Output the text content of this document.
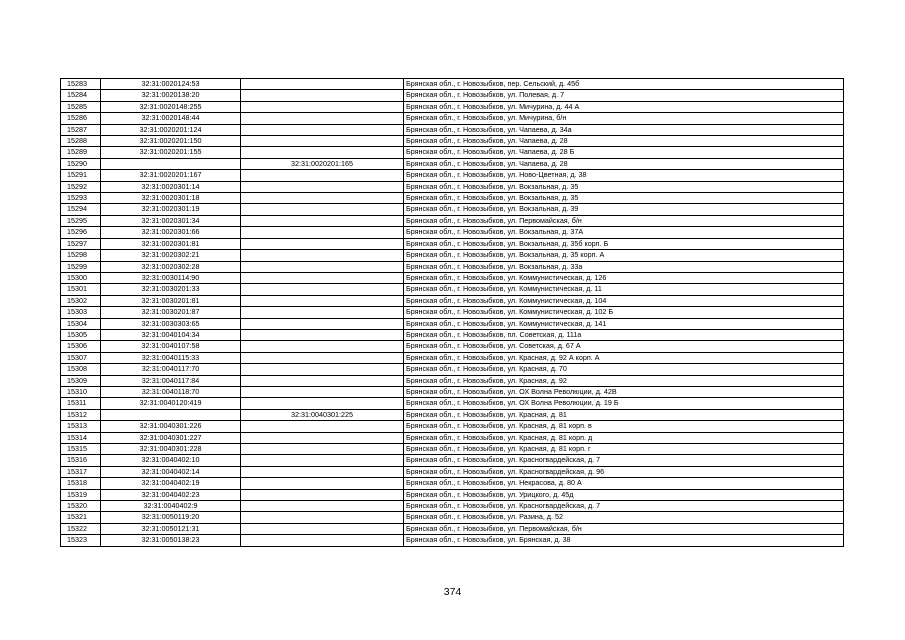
15283	32:31:0020124:53		Брянская обл., г. Новозыбков, пер. Сельский, д. 45б
15284	32:31:0020138:20		Брянская обл., г. Новозыбков, ул. Полевая, д. 7
15285	32:31:0020148:255		Брянская обл., г. Новозыбков, ул. Мичурина, д. 44 А
15286	32:31:0020148:44		Брянская обл., г. Новозыбков, ул. Мичурина, б/н
15287	32:31:0020201:124		Брянская обл., г. Новозыбков, ул. Чапаева, д. 34а
15288	32:31:0020201:150		Брянская обл., г. Новозыбков, ул. Чапаева, д. 28
15289	32:31:0020201:155		Брянская обл., г. Новозыбков, ул. Чапаева, д. 28 Б
15290		32:31:0020201:165	Брянская обл., г. Новозыбков, ул. Чапаева, д. 28
15291	32:31:0020201:167		Брянская обл., г. Новозыбков, ул. Ново-Цветная, д. 38
15292	32:31:0020301:14		Брянская обл., г. Новозыбков, ул. Вокзальная, д. 35
15293	32:31:0020301:18		Брянская обл., г. Новозыбков, ул. Вокзальная, д. 35
15294	32:31:0020301:19		Брянская обл., г. Новозыбков, ул. Вокзальная, д. 39
15295	32:31:0020301:34		Брянская обл., г. Новозыбков, ул. Первомайская, б/н
15296	32:31:0020301:66		Брянская обл., г. Новозыбков, ул. Вокзальная, д. 37А
15297	32:31:0020301:81		Брянская обл., г. Новозыбков, ул. Вокзальная, д. 35б корп. Б
15298	32:31:0020302:21		Брянская обл., г. Новозыбков, ул. Вокзальная, д. 35 корп. А
15299	32:31:0020302:28		Брянская обл., г. Новозыбков, ул. Вокзальная, д. 33а
15300	32:31:0030114:90		Брянская обл., г. Новозыбков, ул. Коммунистическая, д. 126
15301	32:31:0030201:33		Брянская обл., г. Новозыбков, ул. Коммунистическая, д. 11
15302	32:31:0030201:81		Брянская обл., г. Новозыбков, ул. Коммунистическая, д. 104
15303	32:31:0030201:87		Брянская обл., г. Новозыбков, ул. Коммунистическая, д. 102 Б
15304	32:31:0030303:65		Брянская обл., г. Новозыбков, ул. Коммунистическая, д. 141
15305	32:31:0040104:34		Брянская обл., г. Новозыбков, пл. Советская, д. 111а
15306	32:31:0040107:58		Брянская обл., г. Новозыбков, ул. Советская, д. 67 А
15307	32:31:0040115:33		Брянская обл., г. Новозыбков, ул. Красная, д. 92 А корп. А
15308	32:31:0040117:70		Брянская обл., г. Новозыбков, ул. Красная, д. 70
15309	32:31:0040117:84		Брянская обл., г. Новозыбков, ул. Красная, д. 92
15310	32:31:0040118:70		Брянская обл., г. Новозыбков, ул. ОХ Волна Революции, д. 42В
15311	32:31:0040120:419		Брянская обл., г. Новозыбков, ул. ОХ Волна Революции, д. 19 Б
15312		32:31:0040301:225	Брянская обл., г. Новозыбков, ул. Красная, д. 81
15313	32:31:0040301:226		Брянская обл., г. Новозыбков, ул. Красная, д. 81 корп. в
15314	32:31:0040301:227		Брянская обл., г. Новозыбков, ул. Красная, д. 81 корп. д
15315	32:31:0040301:228		Брянская обл., г. Новозыбков, ул. Красная, д. 81 корп. г
15316	32:31:0040402:10		Брянская обл., г. Новозыбков, ул. Красногвардейская, д. 7
15317	32:31:0040402:14		Брянская обл., г. Новозыбков, ул. Красногвардейская, д. 96
15318	32:31:0040402:19		Брянская обл., г. Новозыбков, ул. Некрасова, д. 80 А
15319	32:31:0040402:23		Брянская обл., г. Новозыбков, ул. Урицкого, д. 45д
15320	32:31:0040402:9		Брянская обл., г. Новозыбков, ул. Красногвардейская, д. 7
15321	32:31:0050119:20		Брянская обл., г. Новозыбков, ул. Разина, д. 52
15322	32:31:0050121:31		Брянская обл., г. Новозыбков, ул. Первомайская, б/н
15323	32:31:0050138:23		Брянская обл., г. Новозыбков, ул. Брянская, д. 38
374
